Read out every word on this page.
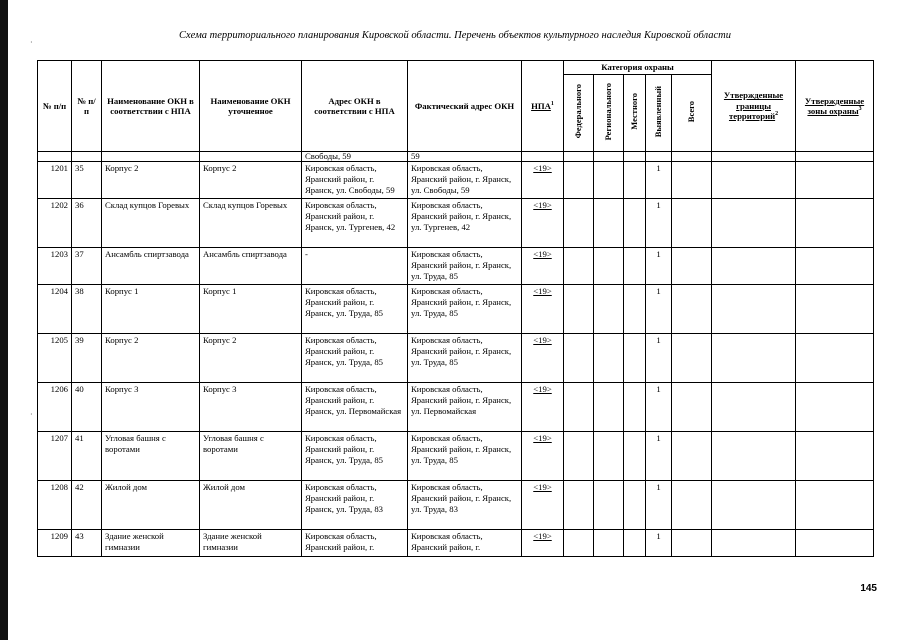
·
·
Схема территориального планирования Кировской области. Перечень объектов культурного наследия Кировской области
№ п/п	№ п/п	Наименование ОКН в соответствии с НПА	Наименование ОКН уточненное	Адрес ОКН в соответствии с НПА	Фактический адрес ОКН	НПА$^1$	Категория охраны					Утвержденные границы территорий$^2$	Утвержденные зоны охраны$^3$
							Федерального	Регионального	Местного	Выявленный	Всего		
				Свободы, 59	59								
1201	35	Корпус 2	Корпус 2	Кировская область, Яранский район, г. Яранск, ул. Свободы, 59	Кировская область, Яранский район, г. Яранск, ул. Свободы, 59	<19>				1			
1202	36	Склад купцов Горевых	Склад купцов Горевых	Кировская область, Яранский район, г. Яранск, ул. Тургенев, 42	Кировская область, Яранский район, г. Яранск, ул. Тургенев, 42	<19>				1			
1203	37	Ансамбль спиртзавода	Ансамбль спиртзавода	-	Кировская область, Яранский район, г. Яранск, ул. Труда, 85	<19>				1			
1204	38	Корпус 1	Корпус 1	Кировская область, Яранский район, г. Яранск, ул. Труда, 85	Кировская область, Яранский район, г. Яранск, ул. Труда, 85	<19>				1			
1205	39	Корпус 2	Корпус 2	Кировская область, Яранский район, г. Яранск, ул. Труда, 85	Кировская область, Яранский район, г. Яранск, ул. Труда, 85	<19>				1			
1206	40	Корпус 3	Корпус 3	Кировская область, Яранский район, г. Яранск, ул. Первомайская	Кировская область, Яранский район, г. Яранск, ул. Первомайская	<19>				1			
1207	41	Угловая башня с воротами	Угловая башня с воротами	Кировская область, Яранский район, г. Яранск, ул. Труда, 85	Кировская область, Яранский район, г. Яранск, ул. Труда, 85	<19>				1			
1208	42	Жилой дом	Жилой дом	Кировская область, Яранский район, г. Яранск, ул. Труда, 83	Кировская область, Яранский район, г. Яранск, ул. Труда, 83	<19>				1			
1209	43	Здание женской гимназии	Здание женской гимназии	Кировская область, Яранский район, г.	Кировская область, Яранский район, г.	<19>				1			
145
